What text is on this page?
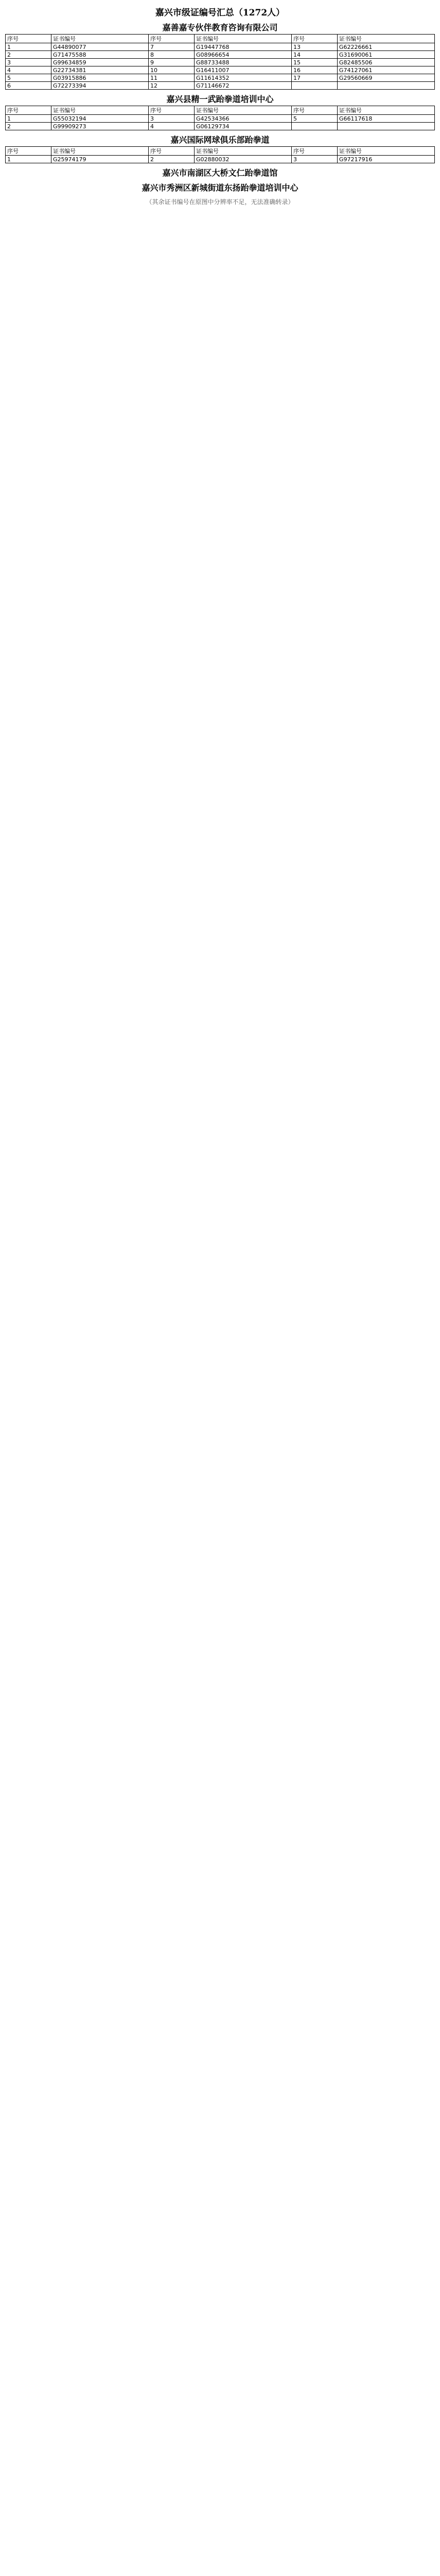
嘉兴市级证编号汇总（1272人）
嘉善嘉专伙伴教育咨询有限公司
序号	证书编号	序号	证书编号	序号	证书编号
1	G44890077	7	G19447768	13	G62226661
2	G71475588	8	G08966654	14	G31690061
3	G99634859	9	G88733488	15	G82485506
4	G22734381	10	G16411007	16	G74127061
5	G03915886	11	G11614352	17	G29560669
6	G72273394	12	G71146672		
嘉兴县精一武跆拳道培训中心
序号	证书编号	序号	证书编号	序号	证书编号
1	G55032194	3	G42534366	5	G66117618
2	G99909273	4	G06129734		
嘉兴国际网球俱乐部跆拳道
序号	证书编号	序号	证书编号	序号	证书编号
1	G25974179	2	G02880032	3	G97217916
嘉兴市南湖区大桥文仁跆拳道馆
嘉兴市秀洲区新城街道东扬跆拳道培训中心
（其余证书编号在原图中分辨率不足，无法准确转录）
